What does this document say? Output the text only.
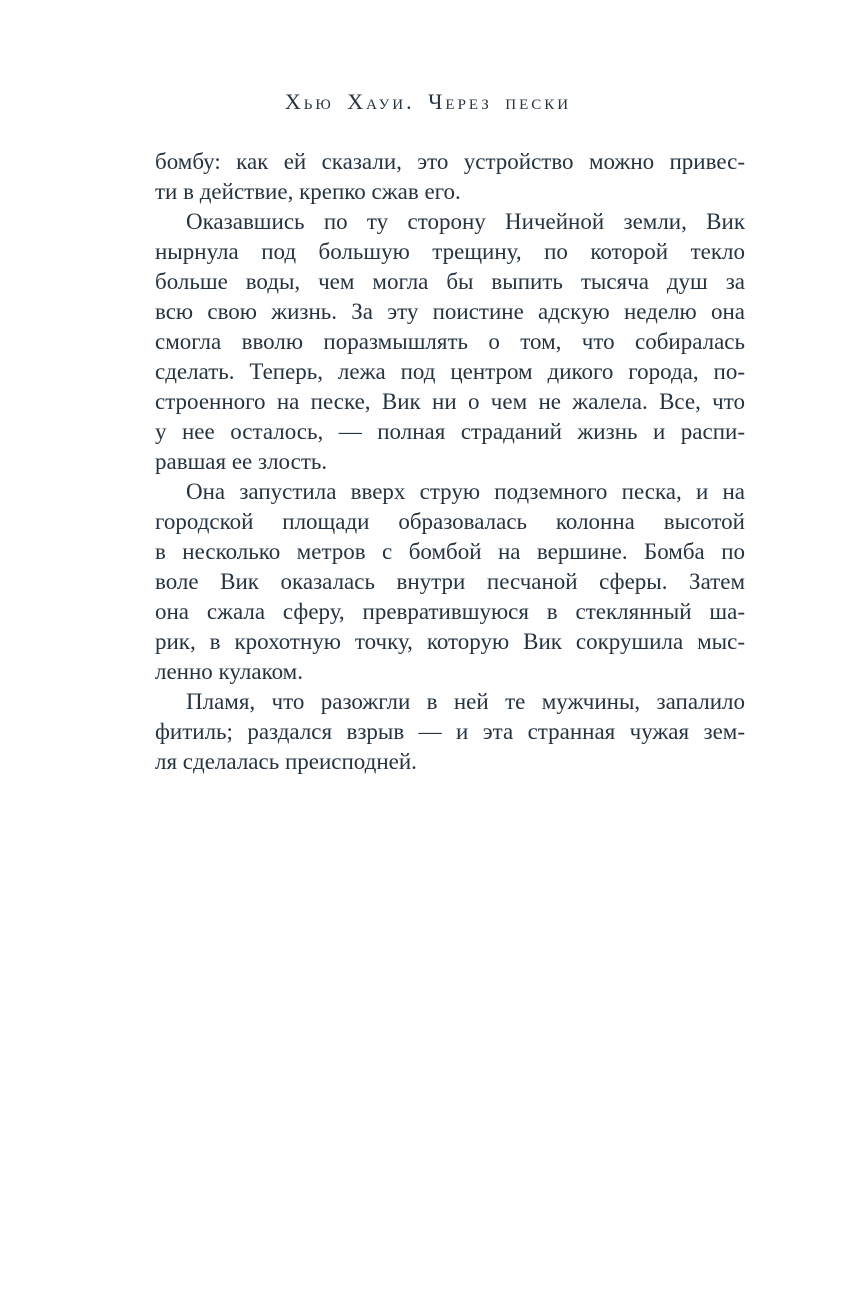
Хью Хауи. Через пески

бомбу: как ей сказали, это устройство можно привес-
ти в действие, крепко сжав его.

Оказавшись по ту сторону Ничейной земли, Вик
нырнула под большую трещину, по которой текло
больше воды, чем могла бы выпить тысяча душ за
всю свою жизнь. За эту поистине адскую неделю она
смогла вволю поразмышлять о том, что собиралась
сделать. Теперь, лежа под центром дикого города, по-
строенного на песке, Вик ни о чем не жалела. Все, что
у нее осталось, — полная страданий жизнь и распи-
равшая ее злость.

Она запустила вверх струю подземного песка, и на
городской площади образовалась колонна высотой
в несколько метров с бомбой на вершине. Бомба по
воле Вик оказалась внутри песчаной сферы. Затем
она сжала сферу, превратившуюся в стеклянный ша-
рик, в крохотную точку, которую Вик сокрушила мыс-
ленно кулаком.

Пламя, что разожгли в ней те мужчины, запалило
фитиль; раздался взрыв — и эта странная чужая зем-
ля сделалась преисподней.
